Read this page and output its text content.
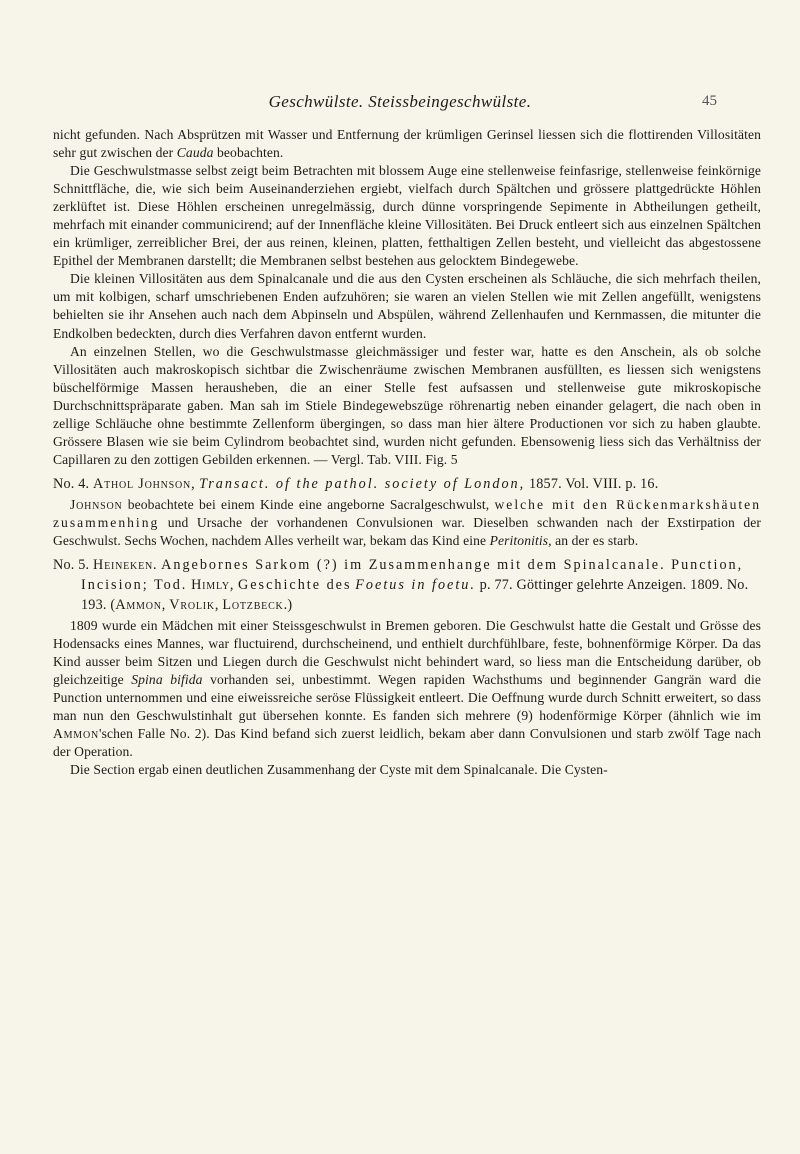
Geschwülste. Steissbeingeschwülste.	45

nicht gefunden. Nach Absprützen mit Wasser und Entfernung der krümligen Gerinsel liessen sich die flottirenden Villositäten sehr gut zwischen der Cauda beobachten.

Die Geschwulstmasse selbst zeigt beim Betrachten mit blossem Auge eine stellenweise feinfasrige, stellenweise feinkörnige Schnittfläche, die, wie sich beim Auseinanderziehen ergiebt, vielfach durch Spältchen und grössere plattgedrückte Höhlen zerklüftet ist. Diese Höhlen erscheinen unregelmässig, durch dünne vorspringende Sepimente in Abtheilungen getheilt, mehrfach mit einander communicirend; auf der Innenfläche kleine Villositäten. Bei Druck entleert sich aus einzelnen Spältchen ein krümliger, zerreiblicher Brei, der aus reinen, kleinen, platten, fetthaltigen Zellen besteht, und vielleicht das abgestossene Epithel der Membranen darstellt; die Membranen selbst bestehen aus gelocktem Bindegewebe.

Die kleinen Villositäten aus dem Spinalcanale und die aus den Cysten erscheinen als Schläuche, die sich mehrfach theilen, um mit kolbigen, scharf umschriebenen Enden aufzuhören; sie waren an vielen Stellen wie mit Zellen angefüllt, wenigstens behielten sie ihr Ansehen auch nach dem Abpinseln und Abspülen, während Zellenhaufen und Kernmassen, die mitunter die Endkolben bedeckten, durch dies Verfahren davon entfernt wurden.

An einzelnen Stellen, wo die Geschwulstmasse gleichmässiger und fester war, hatte es den Anschein, als ob solche Villositäten auch makroskopisch sichtbar die Zwischenräume zwischen Membranen ausfüllten, es liessen sich wenigstens büschelförmige Massen herausheben, die an einer Stelle fest aufsassen und stellenweise gute mikroskopische Durchschnittspräparate gaben. Man sah im Stiele Bindegewebszüge röhrenartig neben einander gelagert, die nach oben in zellige Schläuche ohne bestimmte Zellenform übergingen, so dass man hier ältere Productionen vor sich zu haben glaubte. Grössere Blasen wie sie beim Cylindrom beobachtet sind, wurden nicht gefunden. Ebensowenig liess sich das Verhältniss der Capillaren zu den zottigen Gebilden erkennen. — Vergl. Tab. VIII. Fig. 5

No. 4. Athol Johnson, Transact. of the pathol. society of London, 1857. Vol. VIII. p. 16.

Johnson beobachtete bei einem Kinde eine angeborne Sacralgeschwulst, welche mit den Rückenmarkshäuten zusammenhing und Ursache der vorhandenen Convulsionen war. Dieselben schwanden nach der Exstirpation der Geschwulst. Sechs Wochen, nachdem Alles verheilt war, bekam das Kind eine Peritonitis, an der es starb.

No. 5. Heineken. Angebornes Sarkom (?) im Zusammenhange mit dem Spinalcanale. Punction, Incision; Tod. Himly, Geschichte des Foetus in foetu. p. 77. Göttinger gelehrte Anzeigen. 1809. No. 193. (Ammon, Vrolik, Lotzbeck.)

1809 wurde ein Mädchen mit einer Steissgeschwulst in Bremen geboren. Die Geschwulst hatte die Gestalt und Grösse des Hodensacks eines Mannes, war fluctuirend, durchscheinend, und enthielt durchfühlbare, feste, bohnenförmige Körper. Da das Kind ausser beim Sitzen und Liegen durch die Geschwulst nicht behindert ward, so liess man die Entscheidung darüber, ob gleichzeitige Spina bifida vorhanden sei, unbestimmt. Wegen rapiden Wachsthums und beginnender Gangrän ward die Punction unternommen und eine eiweissreiche seröse Flüssigkeit entleert. Die Oeffnung wurde durch Schnitt erweitert, so dass man nun den Geschwulstinhalt gut übersehen konnte. Es fanden sich mehrere (9) hodenförmige Körper (ähnlich wie im Ammon'schen Falle No. 2). Das Kind befand sich zuerst leidlich, bekam aber dann Convulsionen und starb zwölf Tage nach der Operation.

Die Section ergab einen deutlichen Zusammenhang der Cyste mit dem Spinalcanale. Die Cysten-
